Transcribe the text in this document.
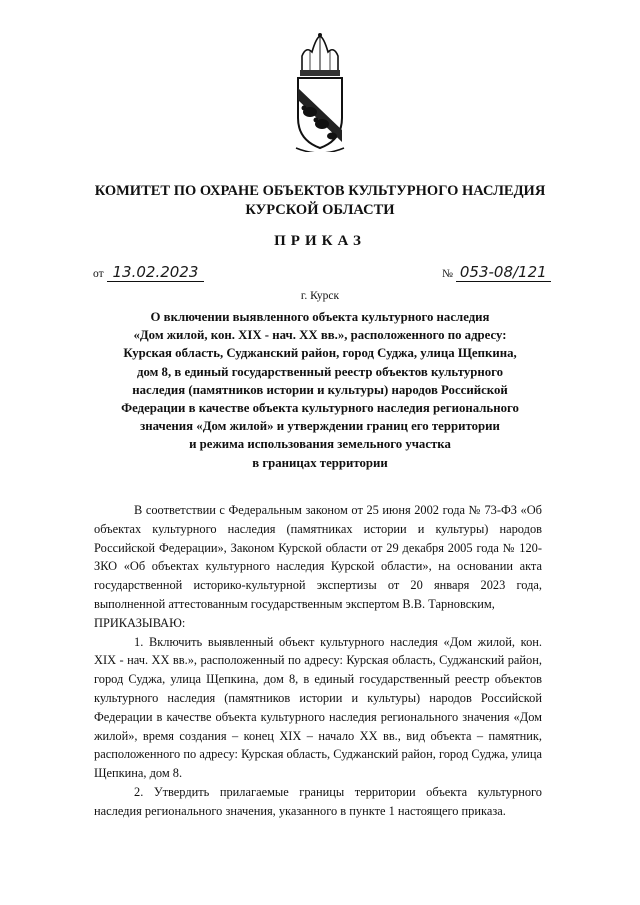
КОМИТЕТ ПО ОХРАНЕ ОБЪЕКТОВ КУЛЬТУРНОГО НАСЛЕДИЯ
КУРСКОЙ ОБЛАСТИ
ПРИКАЗ
от 13.02.2023	№ 053-08/121
г. Курск
О включении выявленного объекта культурного наследия
«Дом жилой, кон. XIX - нач. XX вв.», расположенного по адресу:
Курская область, Суджанский район, город Суджа, улица Щепкина,
дом 8, в единый государственный реестр объектов культурного
наследия (памятников истории и культуры) народов Российской
Федерации в качестве объекта культурного наследия регионального
значения «Дом жилой» и утверждении границ его территории
и режима использования земельного участка
в границах территории

В соответствии с Федеральным законом от 25 июня 2002 года № 73-ФЗ «Об объектах культурного наследия (памятниках истории и культуры) народов Российской Федерации», Законом Курской области от 29 декабря 2005 года № 120-ЗКО «Об объектах культурного наследия Курской области», на основании акта государственной историко-культурной экспертизы от 20 января 2023 года, выполненной аттестованным государственным экспертом В.В. Тарновским,

ПРИКАЗЫВАЮ:

1. Включить выявленный объект культурного наследия «Дом жилой, кон. XIX - нач. XX вв.», расположенный по адресу: Курская область, Суджанский район, город Суджа, улица Щепкина, дом 8, в единый государственный реестр объектов культурного наследия (памятников истории и культуры) народов Российской Федерации в качестве объекта культурного наследия регионального значения «Дом жилой», время создания – конец XIX – начало XX вв., вид объекта – памятник, расположенного по адресу: Курская область, Суджанский район, город Суджа, улица Щепкина, дом 8.

2. Утвердить прилагаемые границы территории объекта культурного наследия регионального значения, указанного в пункте 1 настоящего приказа.
